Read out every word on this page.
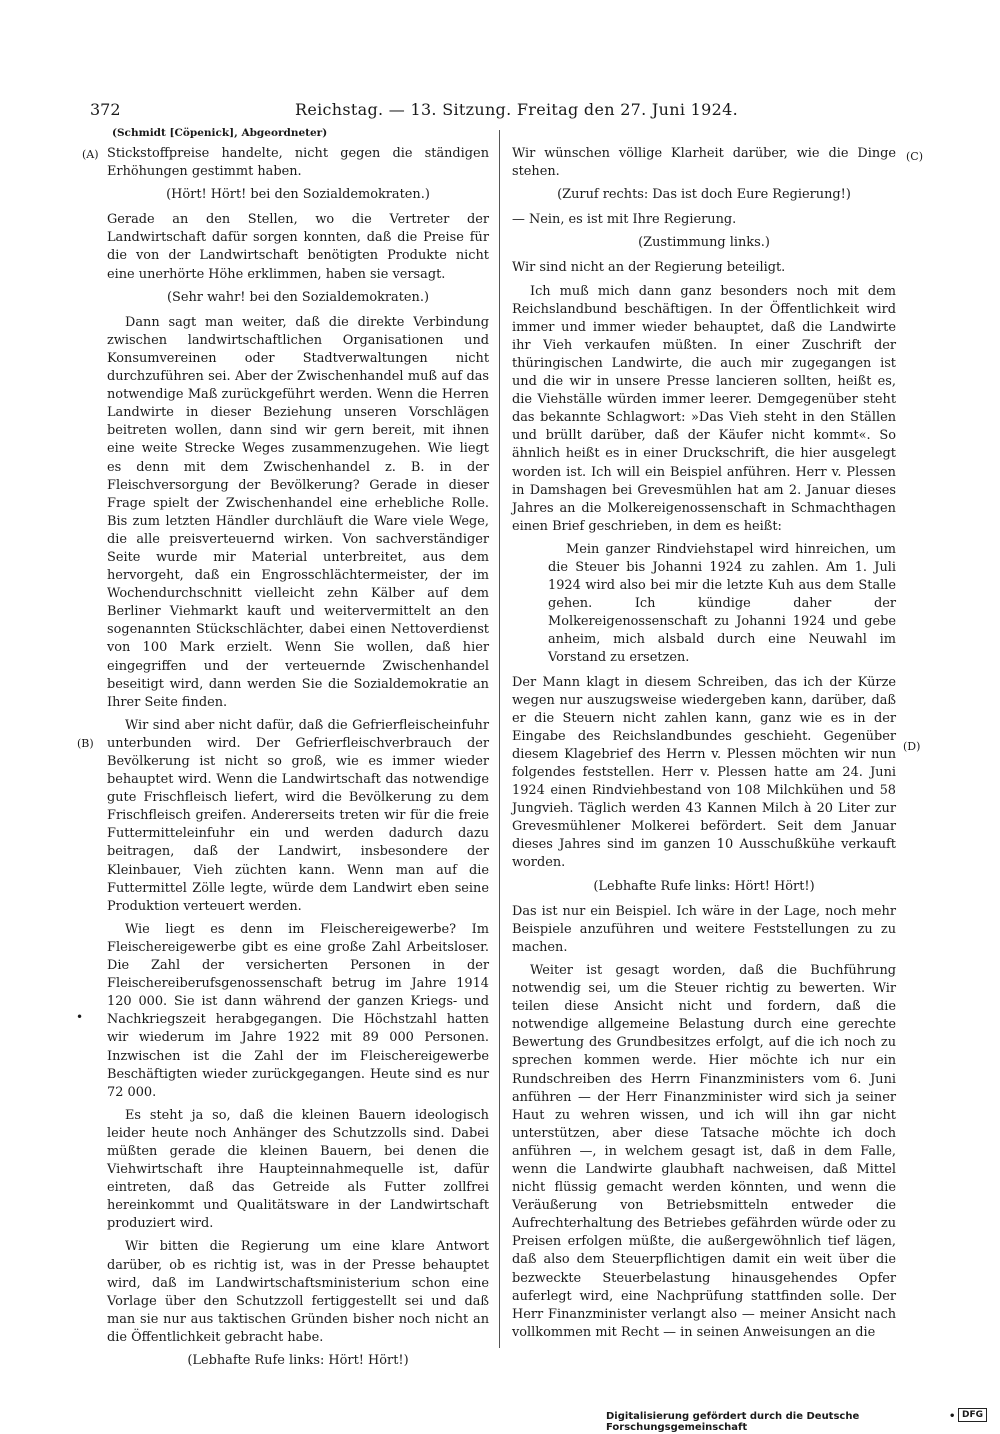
372	Reichstag. — 13. Sitzung. Freitag den 27. Juni 1924.
(Schmidt [Cöpenick], Abgeordneter)
(A)
(B)
(C)
(D)
•

Stickstoffpreise handelte, nicht gegen die ständigen Erhöhungen gestimmt haben.

(Hört! Hört! bei den Sozialdemokraten.)

Gerade an den Stellen, wo die Vertreter der Landwirtschaft dafür sorgen konnten, daß die Preise für die von der Landwirtschaft benötigten Produkte nicht eine unerhörte Höhe erklimmen, haben sie versagt.

(Sehr wahr! bei den Sozialdemokraten.)

Dann sagt man weiter, daß die direkte Verbindung zwischen landwirtschaftlichen Organisationen und Konsumvereinen oder Stadtverwaltungen nicht durchzuführen sei. Aber der Zwischenhandel muß auf das notwendige Maß zurückgeführt werden. Wenn die Herren Landwirte in dieser Beziehung unseren Vorschlägen beitreten wollen, dann sind wir gern bereit, mit ihnen eine weite Strecke Weges zusammenzugehen. Wie liegt es denn mit dem Zwischenhandel z. B. in der Fleischversorgung der Bevölkerung? Gerade in dieser Frage spielt der Zwischenhandel eine erhebliche Rolle. Bis zum letzten Händler durchläuft die Ware viele Wege, die alle preisverteuernd wirken. Von sachverständiger Seite wurde mir Material unterbreitet, aus dem hervorgeht, daß ein Engrosschlächtermeister, der im Wochendurchschnitt vielleicht zehn Kälber auf dem Berliner Viehmarkt kauft und weitervermittelt an den sogenannten Stückschlächter, dabei einen Nettoverdienst von 100 Mark erzielt. Wenn Sie wollen, daß hier eingegriffen und der verteuernde Zwischenhandel beseitigt wird, dann werden Sie die Sozialdemokratie an Ihrer Seite finden.

Wir sind aber nicht dafür, daß die Gefrierfleischeinfuhr unterbunden wird. Der Gefrierfleischverbrauch der Bevölkerung ist nicht so groß, wie es immer wieder behauptet wird. Wenn die Landwirtschaft das notwendige gute Frischfleisch liefert, wird die Bevölkerung zu dem Frischfleisch greifen. Andererseits treten wir für die freie Futtermitteleinfuhr ein und werden dadurch dazu beitragen, daß der Landwirt, insbesondere der Kleinbauer, Vieh züchten kann. Wenn man auf die Futtermittel Zölle legte, würde dem Landwirt eben seine Produktion verteuert werden.

Wie liegt es denn im Fleischereigewerbe? Im Fleischereigewerbe gibt es eine große Zahl Arbeitsloser. Die Zahl der versicherten Personen in der Fleischereiberufsgenossenschaft betrug im Jahre 1914 120 000. Sie ist dann während der ganzen Kriegs- und Nachkriegszeit herabgegangen. Die Höchstzahl hatten wir wiederum im Jahre 1922 mit 89 000 Personen. Inzwischen ist die Zahl der im Fleischereigewerbe Beschäftigten wieder zurückgegangen. Heute sind es nur 72 000.

Es steht ja so, daß die kleinen Bauern ideologisch leider heute noch Anhänger des Schutzzolls sind. Dabei müßten gerade die kleinen Bauern, bei denen die Viehwirtschaft ihre Haupteinnahmequelle ist, dafür eintreten, daß das Getreide als Futter zollfrei hereinkommt und Qualitätsware in der Landwirtschaft produziert wird.

Wir bitten die Regierung um eine klare Antwort darüber, ob es richtig ist, was in der Presse behauptet wird, daß im Landwirtschaftsministerium schon eine Vorlage über den Schutzzoll fertiggestellt sei und daß man sie nur aus taktischen Gründen bisher noch nicht an die Öffentlichkeit gebracht habe.

(Lebhafte Rufe links: Hört! Hört!)

Wir wünschen völlige Klarheit darüber, wie die Dinge stehen.

(Zuruf rechts: Das ist doch Eure Regierung!)

— Nein, es ist mit Ihre Regierung.

(Zustimmung links.)

Wir sind nicht an der Regierung beteiligt.

Ich muß mich dann ganz besonders noch mit dem Reichslandbund beschäftigen. In der Öffentlichkeit wird immer und immer wieder behauptet, daß die Landwirte ihr Vieh verkaufen müßten. In einer Zuschrift der thüringischen Landwirte, die auch mir zugegangen ist und die wir in unsere Presse lancieren sollten, heißt es, die Viehställe würden immer leerer. Demgegenüber steht das bekannte Schlagwort: »Das Vieh steht in den Ställen und brüllt darüber, daß der Käufer nicht kommt«. So ähnlich heißt es in einer Druckschrift, die hier ausgelegt worden ist. Ich will ein Beispiel anführen. Herr v. Plessen in Damshagen bei Grevesmühlen hat am 2. Januar dieses Jahres an die Molkereigenossenschaft in Schmachthagen einen Brief geschrieben, in dem es heißt:

Mein ganzer Rindviehstapel wird hinreichen, um die Steuer bis Johanni 1924 zu zahlen. Am 1. Juli 1924 wird also bei mir die letzte Kuh aus dem Stalle gehen. Ich kündige daher der Molkereigenossenschaft zu Johanni 1924 und gebe anheim, mich alsbald durch eine Neuwahl im Vorstand zu ersetzen.

Der Mann klagt in diesem Schreiben, das ich der Kürze wegen nur auszugsweise wiedergeben kann, darüber, daß er die Steuern nicht zahlen kann, ganz wie es in der Eingabe des Reichslandbundes geschieht. Gegenüber diesem Klagebrief des Herrn v. Plessen möchten wir nun folgendes feststellen. Herr v. Plessen hatte am 24. Juni 1924 einen Rindviehbestand von 108 Milchkühen und 58 Jungvieh. Täglich werden 43 Kannen Milch à 20 Liter zur Grevesmühlener Molkerei befördert. Seit dem Januar dieses Jahres sind im ganzen 10 Ausschußkühe verkauft worden.

(Lebhafte Rufe links: Hört! Hört!)

Das ist nur ein Beispiel. Ich wäre in der Lage, noch mehr Beispiele anzuführen und weitere Feststellungen zu zu machen.

Weiter ist gesagt worden, daß die Buchführung notwendig sei, um die Steuer richtig zu bewerten. Wir teilen diese Ansicht nicht und fordern, daß die notwendige allgemeine Belastung durch eine gerechte Bewertung des Grundbesitzes erfolgt, auf die ich noch zu sprechen kommen werde. Hier möchte ich nur ein Rundschreiben des Herrn Finanzministers vom 6. Juni anführen — der Herr Finanzminister wird sich ja seiner Haut zu wehren wissen, und ich will ihn gar nicht unterstützen, aber diese Tatsache möchte ich doch anführen —, in welchem gesagt ist, daß in dem Falle, wenn die Landwirte glaubhaft nachweisen, daß Mittel nicht flüssig gemacht werden könnten, und wenn die Veräußerung von Betriebsmitteln entweder die Aufrechterhaltung des Betriebes gefährden würde oder zu Preisen erfolgen müßte, die außergewöhnlich tief lägen, daß also dem Steuerpflichtigen damit ein weit über die bezweckte Steuerbelastung hinausgehendes Opfer auferlegt wird, eine Nachprüfung stattfinden solle. Der Herr Finanzminister verlangt also — meiner Ansicht nach vollkommen mit Recht — in seinen Anweisungen an die

Digitalisierung gefördert durch die Deutsche Forschungsgemeinschaft
• DFG
